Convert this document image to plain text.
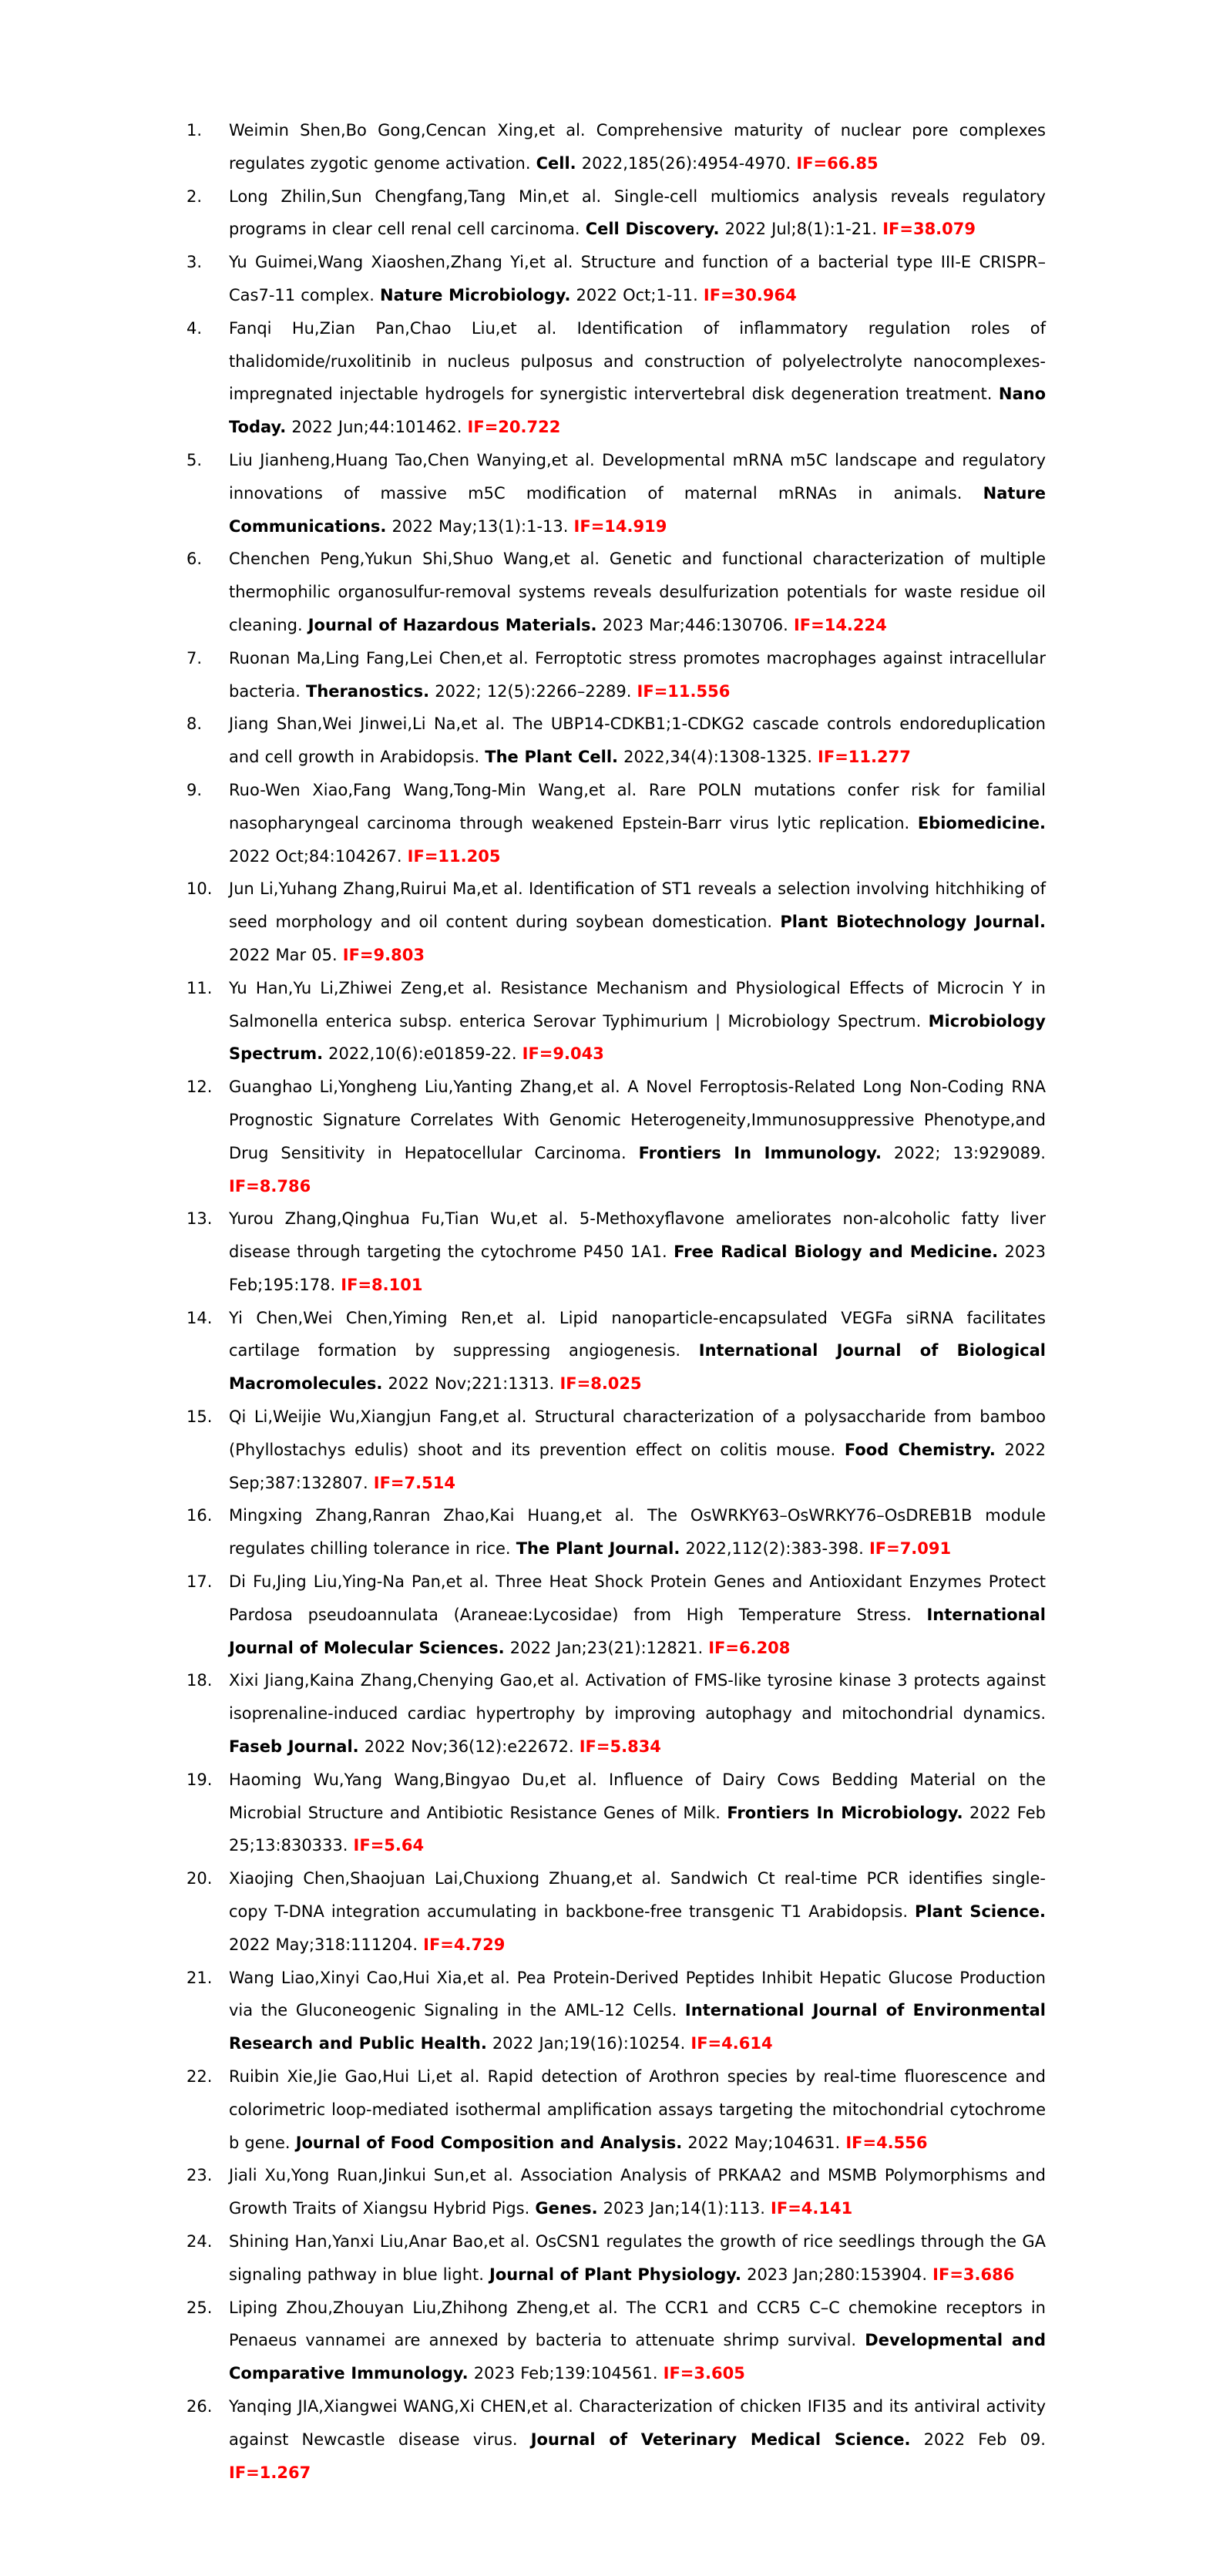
1. Weimin Shen,Bo Gong,Cencan Xing,et al. Comprehensive maturity of nuclear pore complexes regulates zygotic genome activation. Cell. 2022,185(26):4954-4970. IF=66.85
2. Long Zhilin,Sun Chengfang,Tang Min,et al. Single-cell multiomics analysis reveals regulatory programs in clear cell renal cell carcinoma. Cell Discovery. 2022 Jul;8(1):1-21. IF=38.079
3. Yu Guimei,Wang Xiaoshen,Zhang Yi,et al. Structure and function of a bacterial type III-E CRISPR–Cas7-11 complex. Nature Microbiology. 2022 Oct;1-11. IF=30.964
4. Fanqi Hu,Zian Pan,Chao Liu,et al. Identification of inflammatory regulation roles of thalidomide/ruxolitinib in nucleus pulposus and construction of polyelectrolyte nanocomplexes-impregnated injectable hydrogels for synergistic intervertebral disk degeneration treatment. Nano Today. 2022 Jun;44:101462. IF=20.722
5. Liu Jianheng,Huang Tao,Chen Wanying,et al. Developmental mRNA m5C landscape and regulatory innovations of massive m5C modification of maternal mRNAs in animals. Nature Communications. 2022 May;13(1):1-13. IF=14.919
6. Chenchen Peng,Yukun Shi,Shuo Wang,et al. Genetic and functional characterization of multiple thermophilic organosulfur-removal systems reveals desulfurization potentials for waste residue oil cleaning. Journal of Hazardous Materials. 2023 Mar;446:130706. IF=14.224
7. Ruonan Ma,Ling Fang,Lei Chen,et al. Ferroptotic stress promotes macrophages against intracellular bacteria. Theranostics. 2022; 12(5):2266–2289. IF=11.556
8. Jiang Shan,Wei Jinwei,Li Na,et al. The UBP14-CDKB1;1-CDKG2 cascade controls endoreduplication and cell growth in Arabidopsis. The Plant Cell. 2022,34(4):1308-1325. IF=11.277
9. Ruo-Wen Xiao,Fang Wang,Tong-Min Wang,et al. Rare POLN mutations confer risk for familial nasopharyngeal carcinoma through weakened Epstein-Barr virus lytic replication. Ebiomedicine. 2022 Oct;84:104267. IF=11.205
10. Jun Li,Yuhang Zhang,Ruirui Ma,et al. Identification of ST1 reveals a selection involving hitchhiking of seed morphology and oil content during soybean domestication. Plant Biotechnology Journal. 2022 Mar 05. IF=9.803
11. Yu Han,Yu Li,Zhiwei Zeng,et al. Resistance Mechanism and Physiological Effects of Microcin Y in Salmonella enterica subsp. enterica Serovar Typhimurium | Microbiology Spectrum. Microbiology Spectrum. 2022,10(6):e01859-22. IF=9.043
12. Guanghao Li,Yongheng Liu,Yanting Zhang,et al. A Novel Ferroptosis-Related Long Non-Coding RNA Prognostic Signature Correlates With Genomic Heterogeneity,Immunosuppressive Phenotype,and Drug Sensitivity in Hepatocellular Carcinoma. Frontiers In Immunology. 2022; 13:929089. IF=8.786
13. Yurou Zhang,Qinghua Fu,Tian Wu,et al. 5-Methoxyflavone ameliorates non-alcoholic fatty liver disease through targeting the cytochrome P450 1A1. Free Radical Biology and Medicine. 2023 Feb;195:178. IF=8.101
14. Yi Chen,Wei Chen,Yiming Ren,et al. Lipid nanoparticle-encapsulated VEGFa siRNA facilitates cartilage formation by suppressing angiogenesis. International Journal of Biological Macromolecules. 2022 Nov;221:1313. IF=8.025
15. Qi Li,Weijie Wu,Xiangjun Fang,et al. Structural characterization of a polysaccharide from bamboo (Phyllostachys edulis) shoot and its prevention effect on colitis mouse. Food Chemistry. 2022 Sep;387:132807. IF=7.514
16. Mingxing Zhang,Ranran Zhao,Kai Huang,et al. The OsWRKY63–OsWRKY76–OsDREB1B module regulates chilling tolerance in rice. The Plant Journal. 2022,112(2):383-398. IF=7.091
17. Di Fu,Jing Liu,Ying-Na Pan,et al. Three Heat Shock Protein Genes and Antioxidant Enzymes Protect Pardosa pseudoannulata (Araneae:Lycosidae) from High Temperature Stress. International Journal of Molecular Sciences. 2022 Jan;23(21):12821. IF=6.208
18. Xixi Jiang,Kaina Zhang,Chenying Gao,et al. Activation of FMS-like tyrosine kinase 3 protects against isoprenaline-induced cardiac hypertrophy by improving autophagy and mitochondrial dynamics. Faseb Journal. 2022 Nov;36(12):e22672. IF=5.834
19. Haoming Wu,Yang Wang,Bingyao Du,et al. Influence of Dairy Cows Bedding Material on the Microbial Structure and Antibiotic Resistance Genes of Milk. Frontiers In Microbiology. 2022 Feb 25;13:830333. IF=5.64
20. Xiaojing Chen,Shaojuan Lai,Chuxiong Zhuang,et al. Sandwich Ct real-time PCR identifies single-copy T-DNA integration accumulating in backbone-free transgenic T1 Arabidopsis. Plant Science. 2022 May;318:111204. IF=4.729
21. Wang Liao,Xinyi Cao,Hui Xia,et al. Pea Protein-Derived Peptides Inhibit Hepatic Glucose Production via the Gluconeogenic Signaling in the AML-12 Cells. International Journal of Environmental Research and Public Health. 2022 Jan;19(16):10254. IF=4.614
22. Ruibin Xie,Jie Gao,Hui Li,et al. Rapid detection of Arothron species by real-time fluorescence and colorimetric loop-mediated isothermal amplification assays targeting the mitochondrial cytochrome b gene. Journal of Food Composition and Analysis. 2022 May;104631. IF=4.556
23. Jiali Xu,Yong Ruan,Jinkui Sun,et al. Association Analysis of PRKAA2 and MSMB Polymorphisms and Growth Traits of Xiangsu Hybrid Pigs. Genes. 2023 Jan;14(1):113. IF=4.141
24. Shining Han,Yanxi Liu,Anar Bao,et al. OsCSN1 regulates the growth of rice seedlings through the GA signaling pathway in blue light. Journal of Plant Physiology. 2023 Jan;280:153904. IF=3.686
25. Liping Zhou,Zhouyan Liu,Zhihong Zheng,et al. The CCR1 and CCR5 C–C chemokine receptors in Penaeus vannamei are annexed by bacteria to attenuate shrimp survival. Developmental and Comparative Immunology. 2023 Feb;139:104561. IF=3.605
26. Yanqing JIA,Xiangwei WANG,Xi CHEN,et al. Characterization of chicken IFI35 and its antiviral activity against Newcastle disease virus. Journal of Veterinary Medical Science. 2022 Feb 09. IF=1.267
